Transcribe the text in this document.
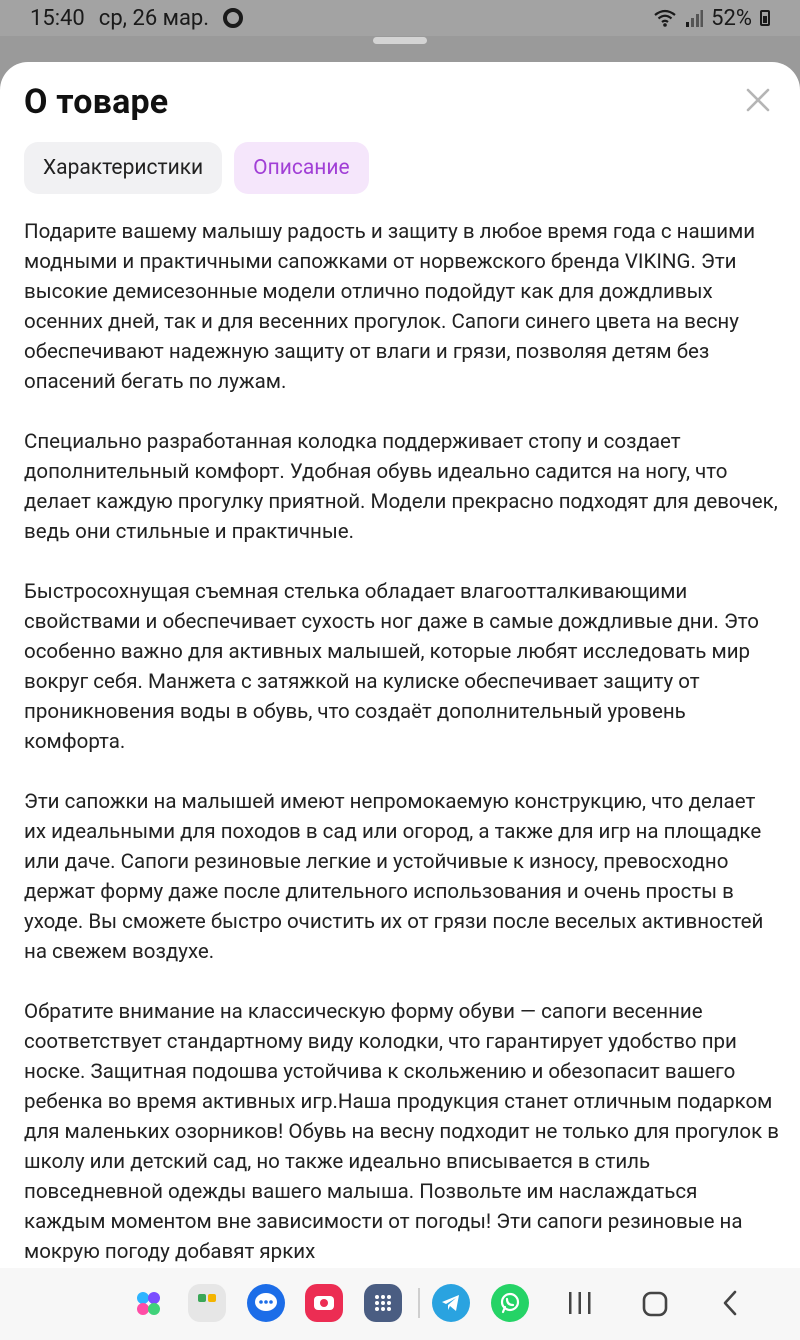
15:40 ср, 26 мар.	52%
О товаре
Характеристики	Описание

Подарите вашему малышу радость и защиту в любое время года с нашими модными и практичными сапожками от норвежского бренда VIKING. Эти высокие демисезонные модели отлично подойдут как для дождливых осенних дней, так и для весенних прогулок. Сапоги синего цвета на весну обеспечивают надежную защиту от влаги и грязи, позволяя детям без опасений бегать по лужам.

Специально разработанная колодка поддерживает стопу и создает дополнительный комфорт. Удобная обувь идеально садится на ногу, что делает каждую прогулку приятной. Модели прекрасно подходят для девочек, ведь они стильные и практичные.

Быстросохнущая съемная стелька обладает влагоотталкивающими свойствами и обеспечивает сухость ног даже в самые дождливые дни. Это особенно важно для активных малышей, которые любят исследовать мир вокруг себя. Манжета с затяжкой на кулиске обеспечивает защиту от проникновения воды в обувь, что создаёт дополнительный уровень комфорта.

Эти сапожки на малышей имеют непромокаемую конструкцию, что делает их идеальными для походов в сад или огород, а также для игр на площадке или даче. Сапоги резиновые легкие и устойчивые к износу, превосходно держат форму даже после длительного использования и очень просты в уходе. Вы сможете быстро очистить их от грязи после веселых активностей на свежем воздухе.

Обратите внимание на классическую форму обуви — сапоги весенние соответствует стандартному виду колодки, что гарантирует удобство при носке. Защитная подошва устойчива к скольжению и обезопасит вашего ребенка во время активных игр.Наша продукция станет отличным подарком для маленьких озорников! Обувь на весну подходит не только для прогулок в школу или детский сад, но также идеально вписывается в стиль повседневной одежды вашего малыша. Позвольте им наслаждаться каждым моментом вне зависимости от погоды! Эти сапоги резиновые на мокрую погоду добавят ярких
